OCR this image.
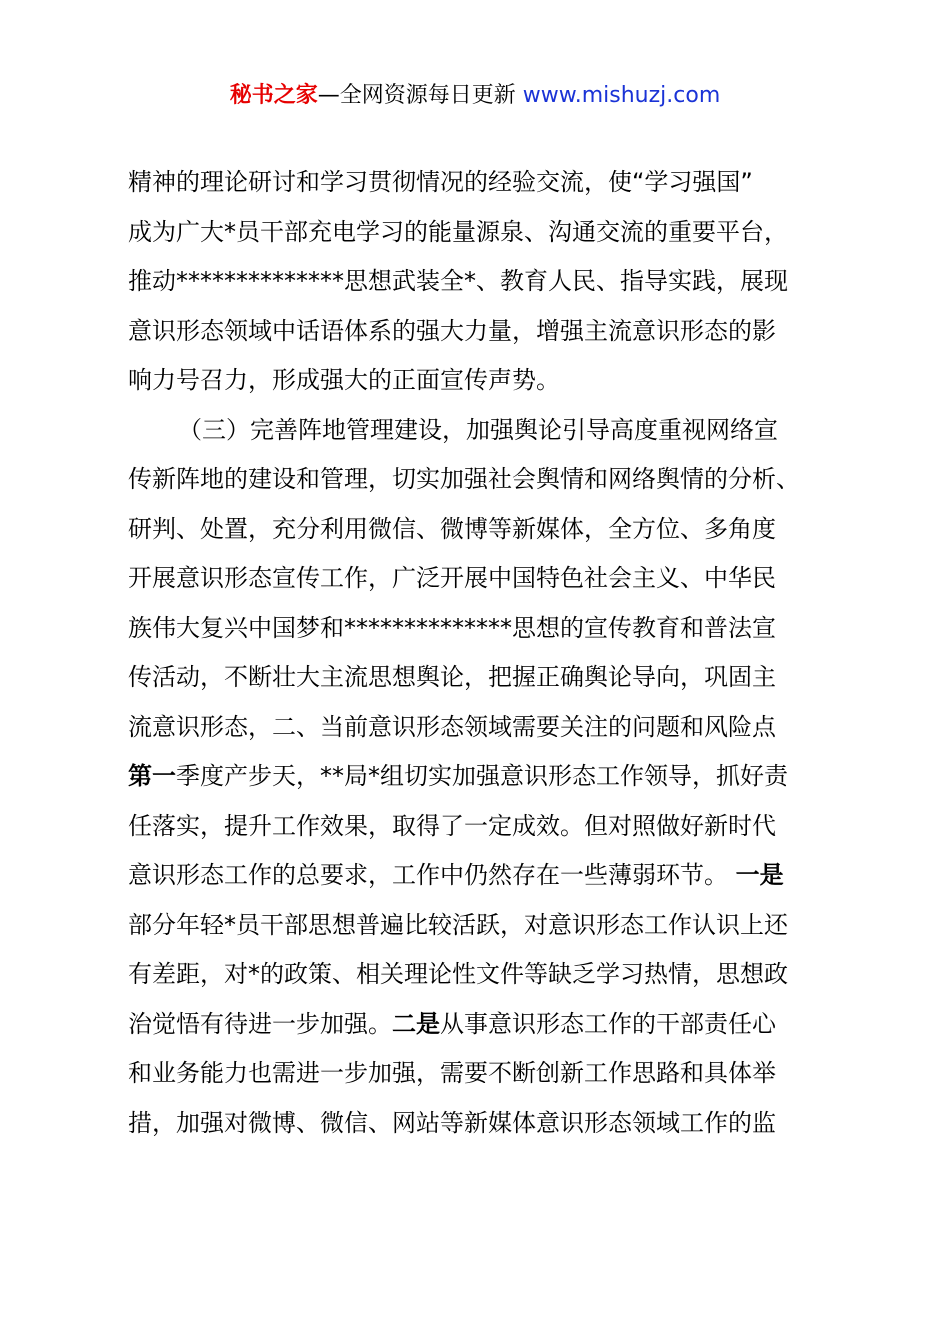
秘书之家—全网资源每日更新 www.mishuzj.com
精神的理论研讨和学习贯彻情况的经验交流，使“学习强国”
成为广大*员干部充电学习的能量源泉、沟通交流的重要平台，
推动**************思想武装全*、教育人民、指导实践，展现
意识形态领域中话语体系的强大力量，增强主流意识形态的影
响力号召力，形成强大的正面宣传声势。
（三）完善阵地管理建设，加强舆论引导高度重视网络宣
传新阵地的建设和管理，切实加强社会舆情和网络舆情的分析、
研判、处置，充分利用微信、微博等新媒体，全方位、多角度
开展意识形态宣传工作，广泛开展中国特色社会主义、中华民
族伟大复兴中国梦和**************思想的宣传教育和普法宣
传活动，不断壮大主流思想舆论，把握正确舆论导向，巩固主
流意识形态，二、当前意识形态领域需要关注的问题和风险点
第一季度产步天，**局*组切实加强意识形态工作领导，抓好责
任落实，提升工作效果，取得了一定成效。但对照做好新时代
意识形态工作的总要求，工作中仍然存在一些薄弱环节。 一是
部分年轻*员干部思想普遍比较活跃，对意识形态工作认识上还
有差距，对*的政策、相关理论性文件等缺乏学习热情，思想政
治觉悟有待进一步加强。二是从事意识形态工作的干部责任心
和业务能力也需进一步加强，需要不断创新工作思路和具体举
措，加强对微博、微信、网站等新媒体意识形态领域工作的监
